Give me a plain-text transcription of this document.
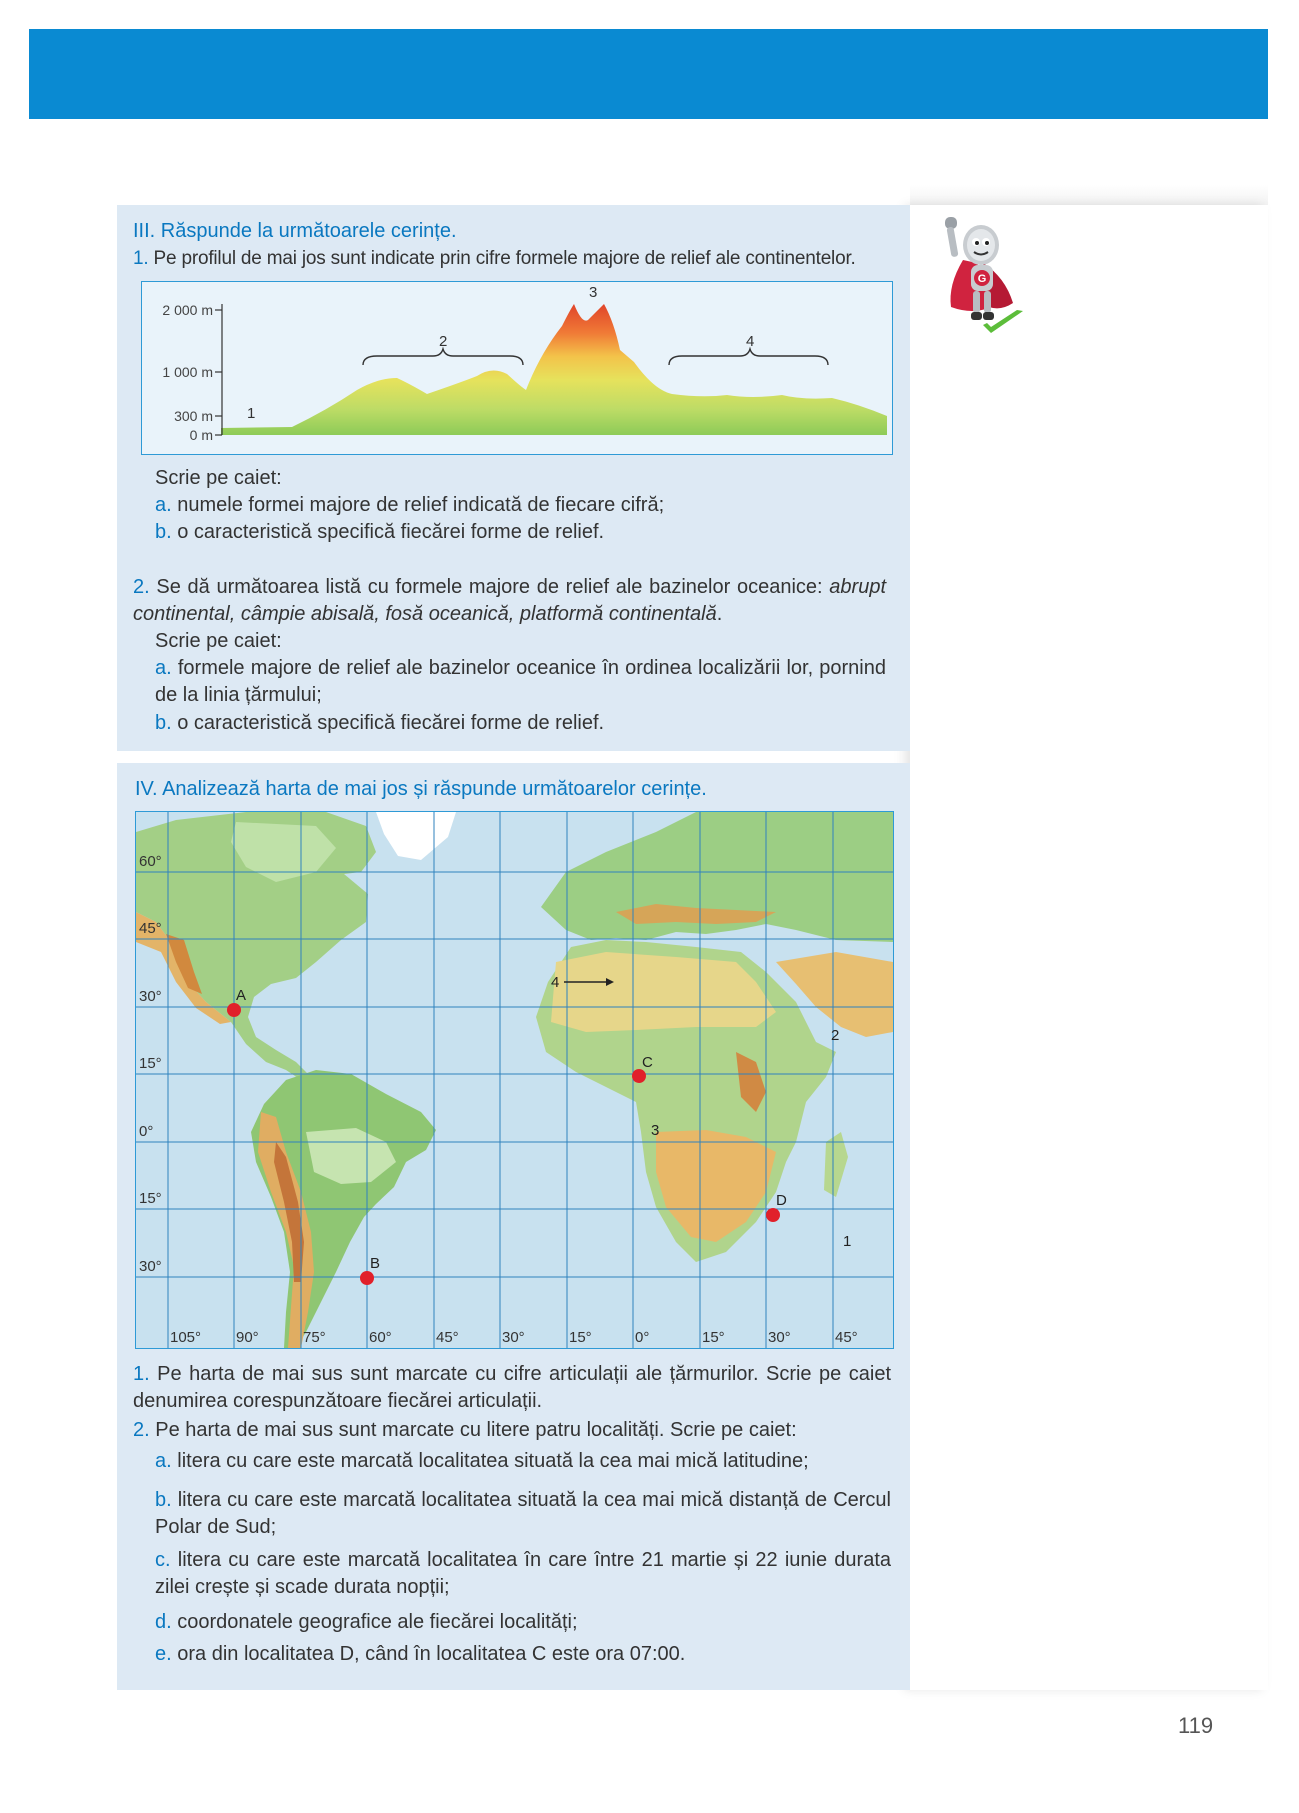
G
III. Răspunde la următoarele cerințe.
1. Pe profilul de mai jos sunt indicate prin cifre formele majore de relief ale continentelor.
2 000 m
1 000 m
300 m
0 m
1
2
3
4
Scrie pe caiet:
a. numele formei majore de relief indicată de fiecare cifră;
b. o caracteristică specifică fiecărei forme de relief.
2. Se dă următoarea listă cu formele majore de relief ale bazinelor oceanice: abrupt continental, câmpie abisală, fosă oceanică, platformă continentală.
Scrie pe caiet:
a. formele majore de relief ale bazinelor oceanice în ordinea localizării lor, pornind de la linia țărmului;
b. o caracteristică specifică fiecărei forme de relief.
IV. Analizează harta de mai jos și răspunde următoarelor cerințe.
60°
45°
30°
15°
0°
15°
30°
105° 90°	75°	60°	45°	30°	15°	0°	15°	30°	45°
A
B
C
D
1
2
3
4
1. Pe harta de mai sus sunt marcate cu cifre articulații ale țărmurilor. Scrie pe caiet denumirea corespunzătoare fiecărei articulații.
2. Pe harta de mai sus sunt marcate cu litere patru localități. Scrie pe caiet:
a. litera cu care este marcată localitatea situată la cea mai mică latitudine;
b. litera cu care este marcată localitatea situată la cea mai mică distanță de Cercul Polar de Sud;
c. litera cu care este marcată localitatea în care între 21 martie și 22 iunie durata zilei crește și scade durata nopții;
d. coordonatele geografice ale fiecărei localități;
e. ora din localitatea D, când în localitatea C este ora 07:00.
119
